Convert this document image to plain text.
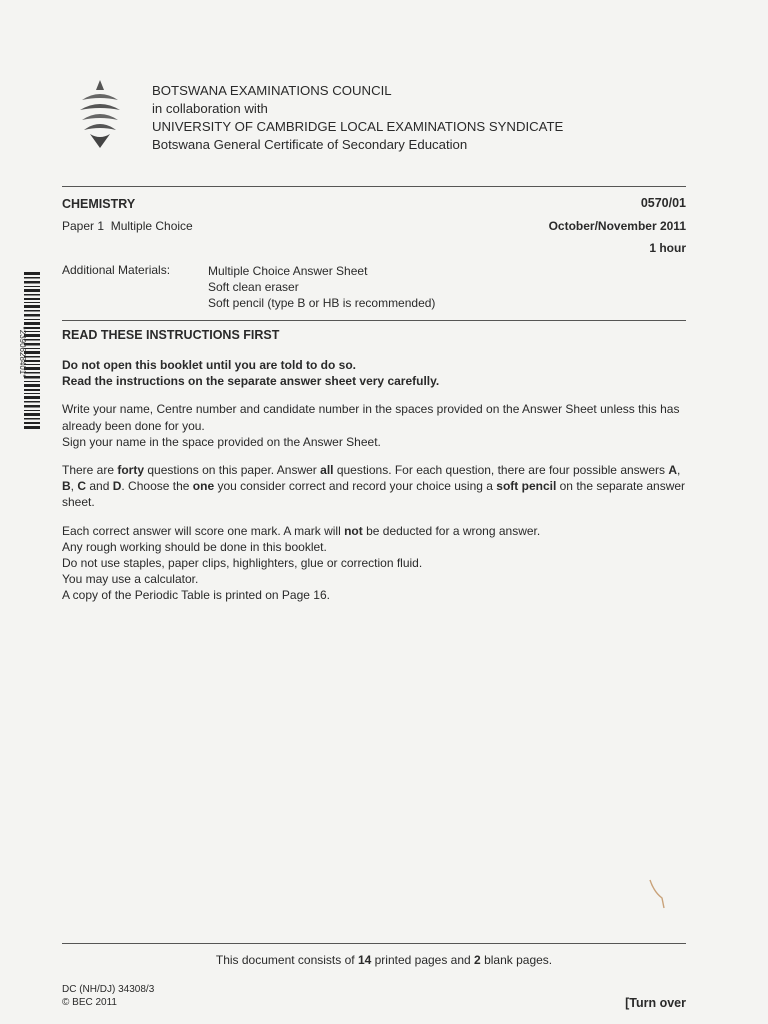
BOTSWANA EXAMINATIONS COUNCIL
in collaboration with
UNIVERSITY OF CAMBRIDGE LOCAL EXAMINATIONS SYNDICATE
Botswana General Certificate of Secondary Education
CHEMISTRY
Paper 1  Multiple Choice
0570/01
October/November 2011
1 hour
Additional Materials:	Multiple Choice Answer Sheet
Soft clean eraser
Soft pencil (type B or HB is recommended)
*2390628401*	READ THESE INSTRUCTIONS FIRST

Do not open this booklet until you are told to do so.
Read the instructions on the separate answer sheet very carefully.

Write your name, Centre number and candidate number in the spaces provided on the Answer Sheet unless this has already been done for you.
Sign your name in the space provided on the Answer Sheet.

There are forty questions on this paper. Answer all questions. For each question, there are four possible answers A, B, C and D. Choose the one you consider correct and record your choice using a soft pencil on the separate answer sheet.

Each correct answer will score one mark. A mark will not be deducted for a wrong answer.
Any rough working should be done in this booklet.
Do not use staples, paper clips, highlighters, glue or correction fluid.
You may use a calculator.
A copy of the Periodic Table is printed on Page 16.

This document consists of 14 printed pages and 2 blank pages.
DC (NH/DJ) 34308/3
© BEC 2011	[Turn over
